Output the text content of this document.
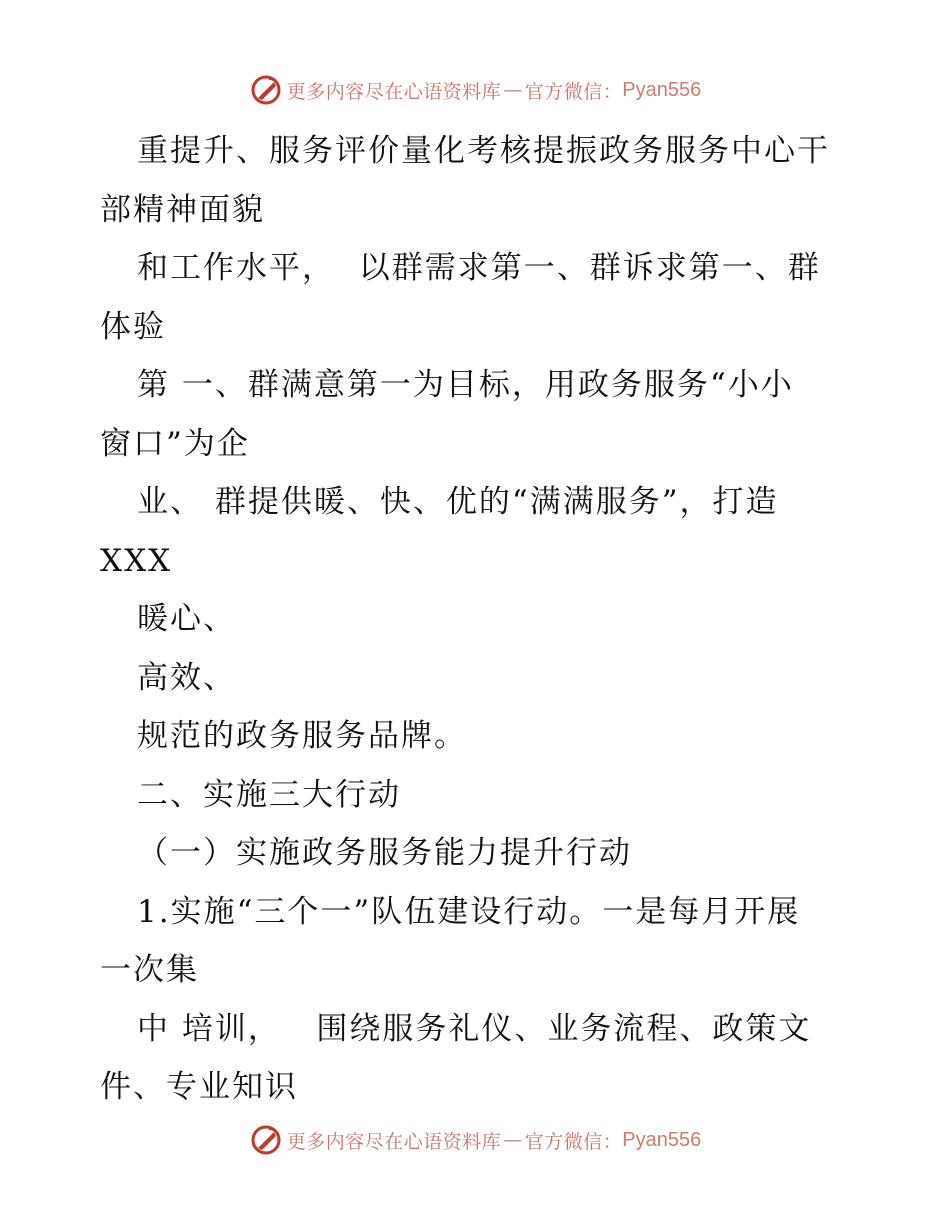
更多内容尽在心语资料库 — 官方微信： Pyan556
重提升、服务评价量化考核提振政务服务中心干
部精神面貌
和工作水平，  以群需求第一、群诉求第一、群
体验
第 一、群满意第一为目标，用政务服务“小小
窗口”为企
业、 群提供暖、快、优的“满满服务”，打造
XXX
暖心、
高效、
规范的政务服务品牌。
二、实施三大行动
（一）实施政务服务能力提升行动
1.实施“三个一”队伍建设行动。一是每月开展
一次集
中 培训，   围绕服务礼仪、业务流程、政策文
件、专业知识
更多内容尽在心语资料库 — 官方微信： Pyan556
